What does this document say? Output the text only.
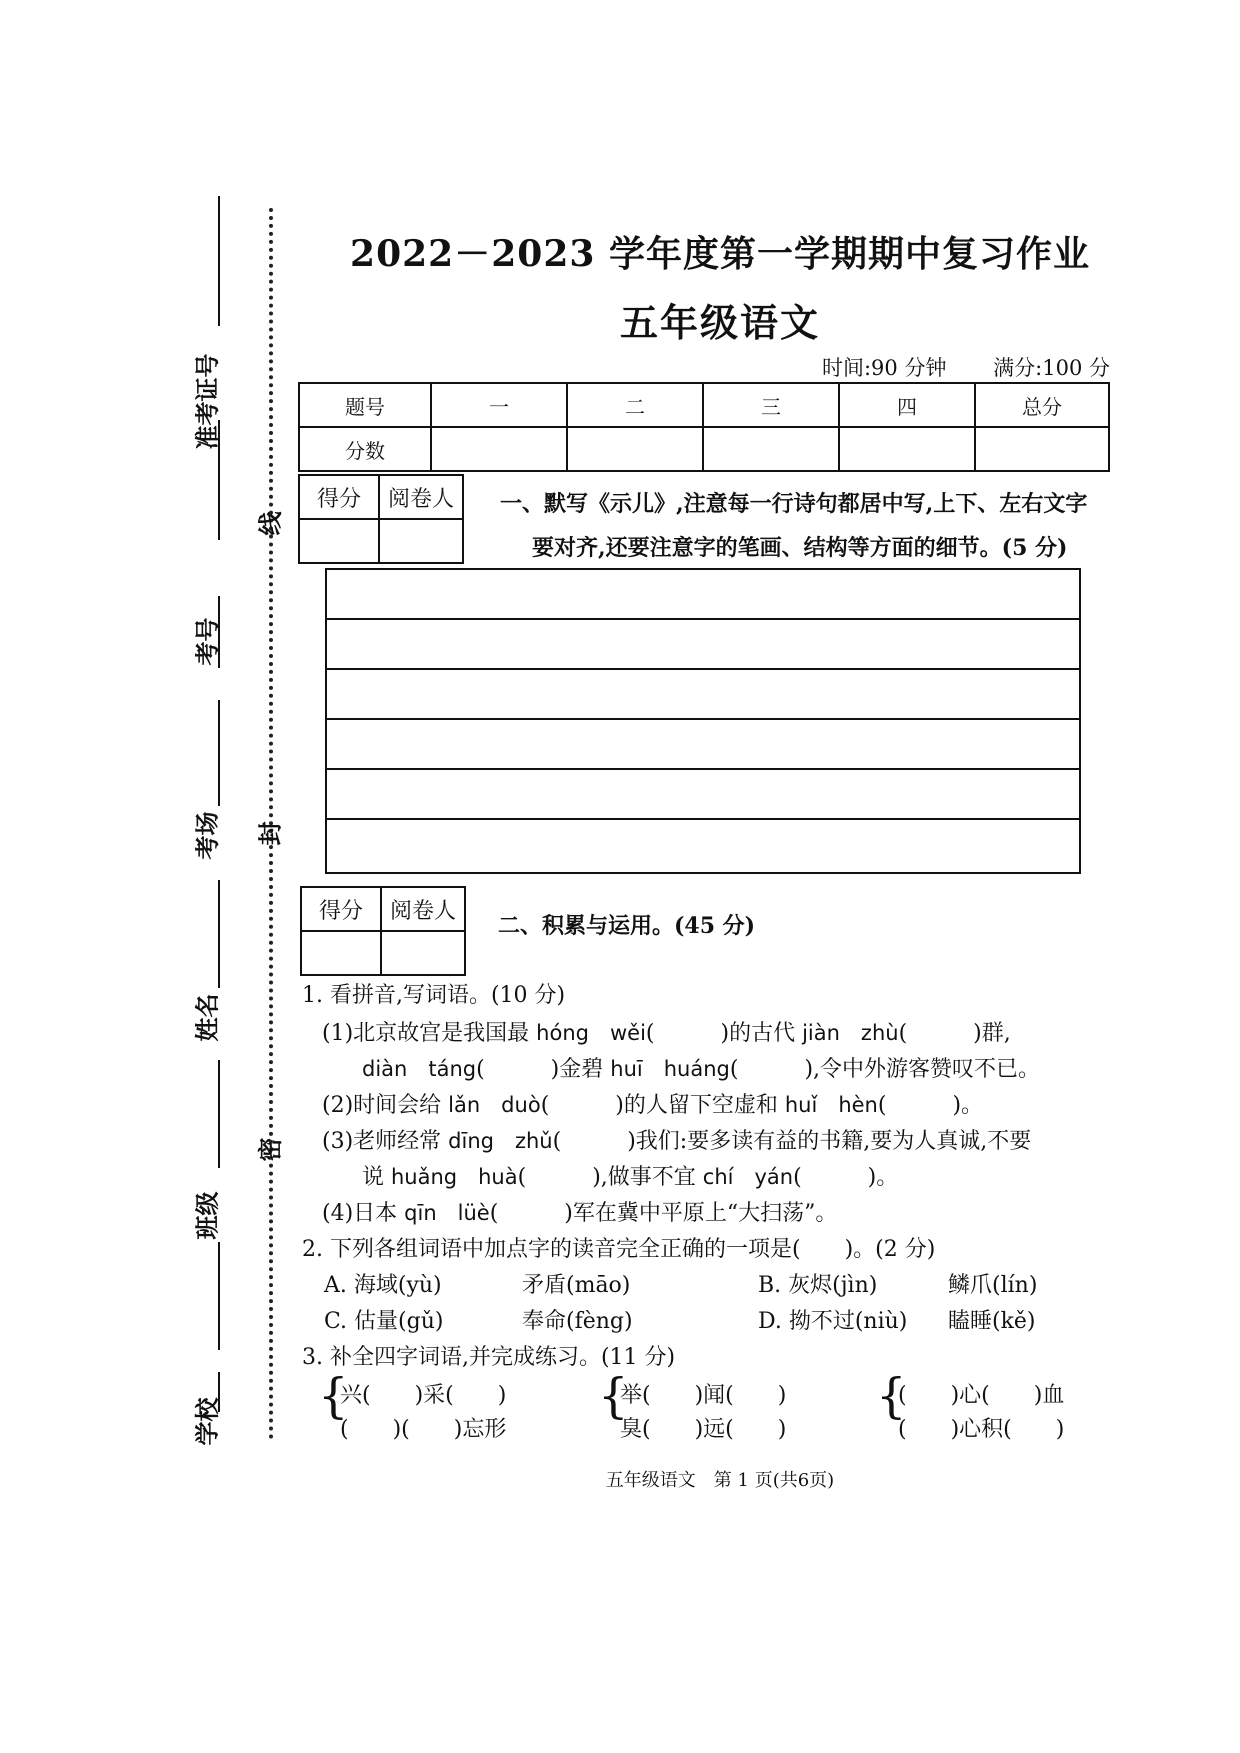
准考证号
考号
考场
姓名
班级
学校
线
封
密
2022－2023 学年度第一学期期中复习作业
五年级语文
时间:90 分钟 满分:100 分
题号	一	二	三	四	总分
分数					
得分	阅卷人
	一、默写《示儿》,注意每一行诗句都居中写,上下、左右文字
要对齐,还要注意字的笔画、结构等方面的细节。(5 分)
得分	阅卷人

二、积累与运用。(45 分)
1. 看拼音,写词语。(10 分)
(1)北京故宫是我国最 hóng　wěi(　　　)的古代 jiàn　zhù(　　　)群,
diàn　táng(　　　)金碧 huī　huáng(　　　),令中外游客赞叹不已。
(2)时间会给 lǎn　duò(　　　)的人留下空虚和 huǐ　hèn(　　　)。
(3)老师经常 dīng　zhǔ(　　　)我们:要多读有益的书籍,要为人真诚,不要
说 huǎng　huà(　　　),做事不宜 chí　yán(　　　)。
(4)日本 qīn　lüè(　　　)军在冀中平原上“大扫荡”。
2. 下列各组词语中加点字的读音完全正确的一项是(　　)。(2 分)
A. 海域(yù)	矛盾(māo)	B. 灰烬(jìn)	鳞爪(lín)
C. 估量(gǔ)	奉命(fèng)	D. 拗不过(niù) 瞌睡(kě)
3. 补全四字词语,并完成练习。(11 分)
{
兴(　　)采(　　)
(　　)(　　)忘形
{
举(　　)闻(　　)
臭(　　)远(　　)
{
(　　)心(　　)血
(　　)心积(　　)
五年级语文　第 1 页(共6页)
